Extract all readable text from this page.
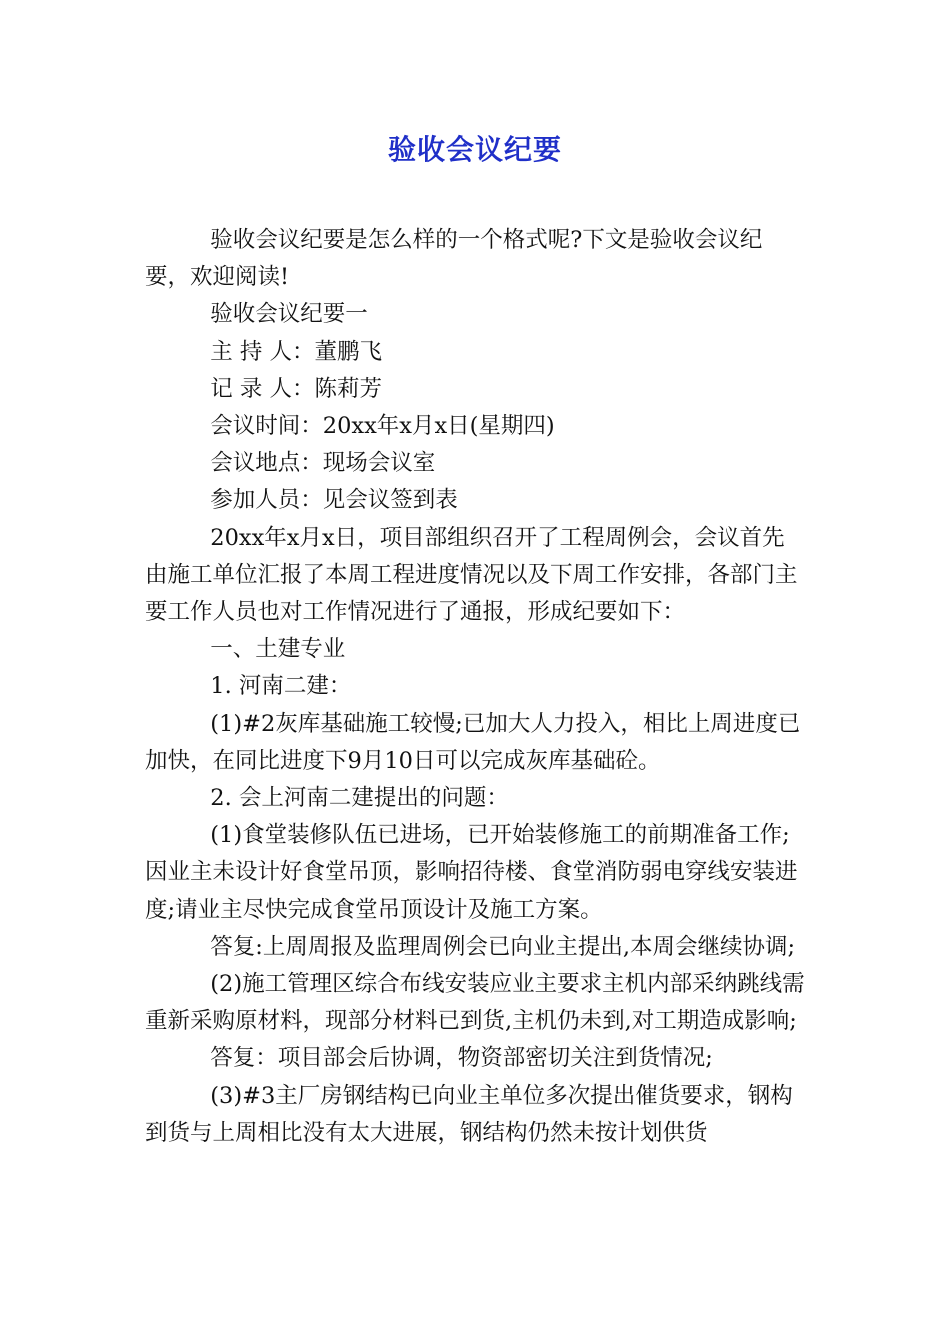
验收会议纪要

验收会议纪要是怎么样的一个格式呢?下文是验收会议纪要，欢迎阅读!

验收会议纪要一

主 持 人：董鹏飞

记 录 人：陈莉芳

会议时间：20xx年x月x日(星期四)

会议地点：现场会议室

参加人员：见会议签到表

20xx年x月x日，项目部组织召开了工程周例会，会议首先由施工单位汇报了本周工程进度情况以及下周工作安排，各部门主要工作人员也对工作情况进行了通报，形成纪要如下：

一、土建专业

1. 河南二建：

(1)#2灰库基础施工较慢;已加大人力投入，相比上周进度已加快，在同比进度下9月10日可以完成灰库基础砼。

2. 会上河南二建提出的问题：

(1)食堂装修队伍已进场，已开始装修施工的前期准备工作;因业主未设计好食堂吊顶，影响招待楼、食堂消防弱电穿线安装进度;请业主尽快完成食堂吊顶设计及施工方案。

答复:上周周报及监理周例会已向业主提出,本周会继续协调;

(2)施工管理区综合布线安装应业主要求主机内部采纳跳线需重新采购原材料，现部分材料已到货,主机仍未到,对工期造成影响;

答复：项目部会后协调，物资部密切关注到货情况;

(3)#3主厂房钢结构已向业主单位多次提出催货要求，钢构到货与上周相比没有太大进展，钢结构仍然未按计划供货
